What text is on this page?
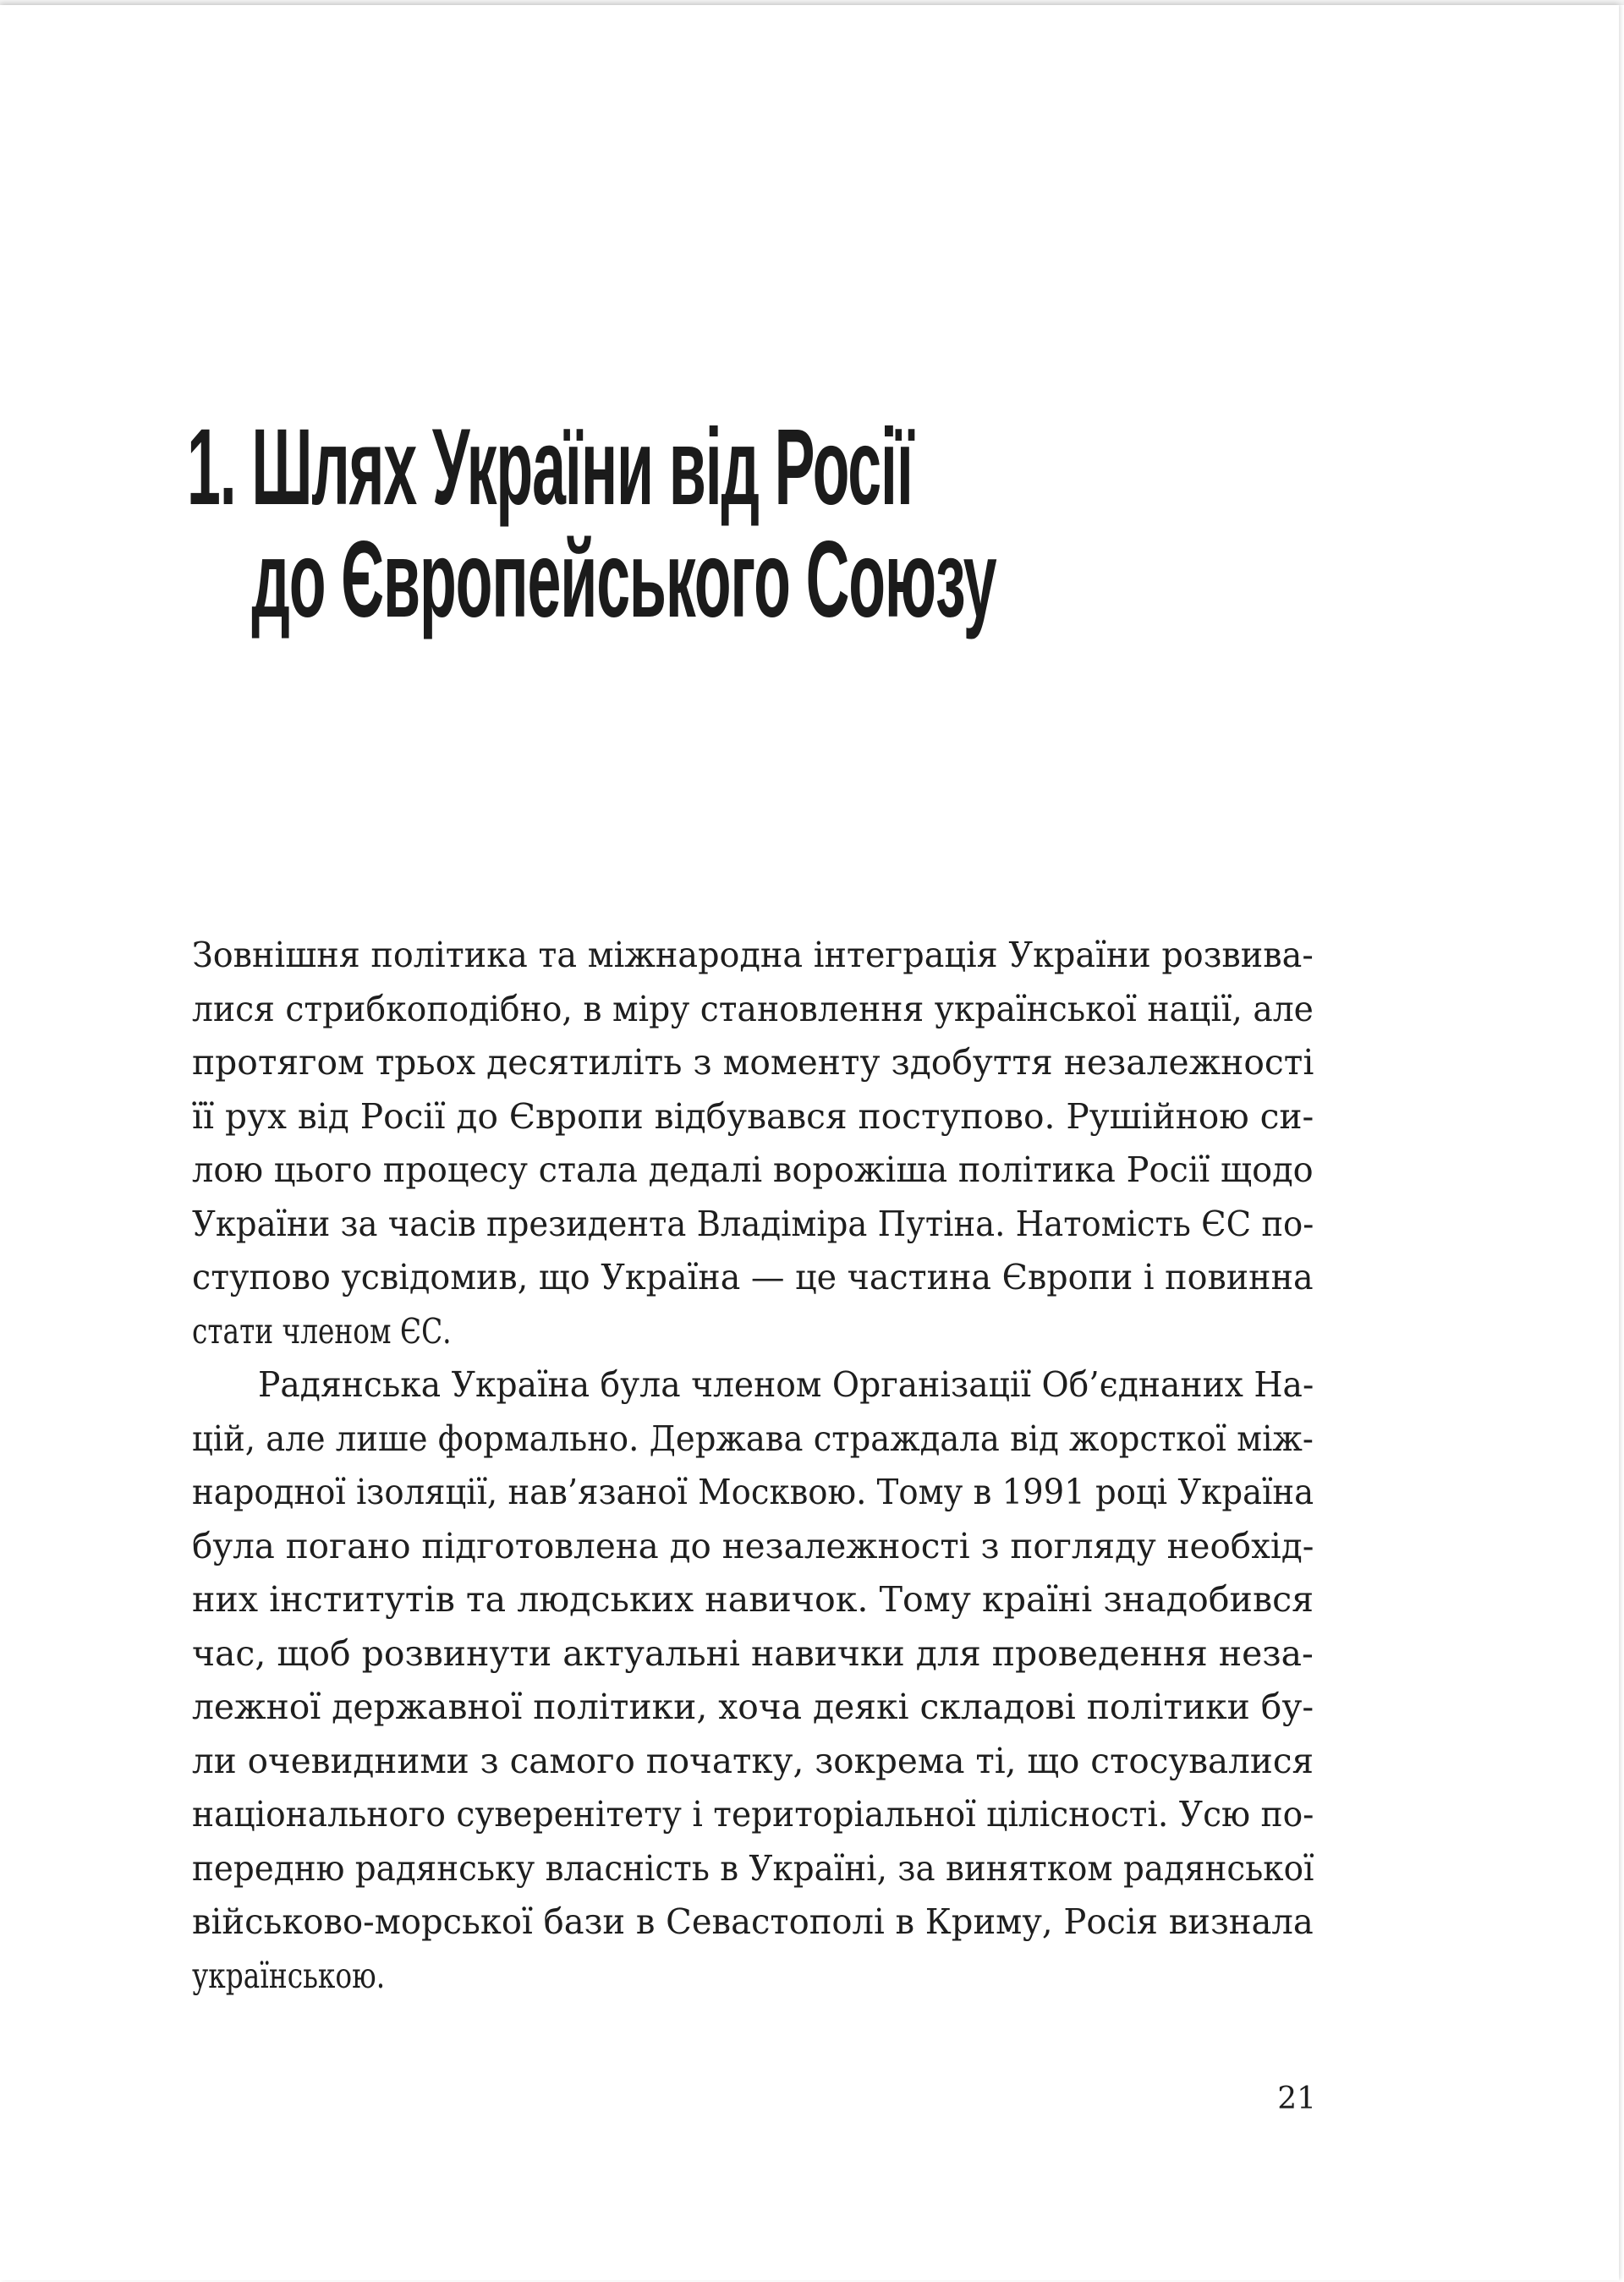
1. Шлях України від Росії
до Європейського Союзу
Зовнішня політика та міжнародна інтеграція України розвива-
лися стрибкоподібно, в міру становлення української нації, але
протягом трьох десятиліть з моменту здобуття незалежності
її рух від Росії до Європи відбувався поступово. Рушійною си-
лою цього процесу стала дедалі ворожіша політика Росії щодо
України за часів президента Владіміра Путіна. Натомість ЄС по-
ступово усвідомив, що Україна — це частина Європи і повинна
стати членом ЄС.
Радянська Україна була членом Організації Об’єднаних На-
цій, але лише формально. Держава страждала від жорсткої між-
народної ізоляції, нав’язаної Москвою. Тому в 1991 році Україна
була погано підготовлена до незалежності з погляду необхід-
них інститутів та людських навичок. Тому країні знадобився
час, щоб розвинути актуальні навички для проведення неза-
лежної державної політики, хоча деякі складові політики бу-
ли очевидними з самого початку, зокрема ті, що стосувалися
національного суверенітету і територіальної цілісності. Усю по-
передню радянську власність в Україні, за винятком радянської
військово-морської бази в Севастополі в Криму, Росія визнала
українською.
21
